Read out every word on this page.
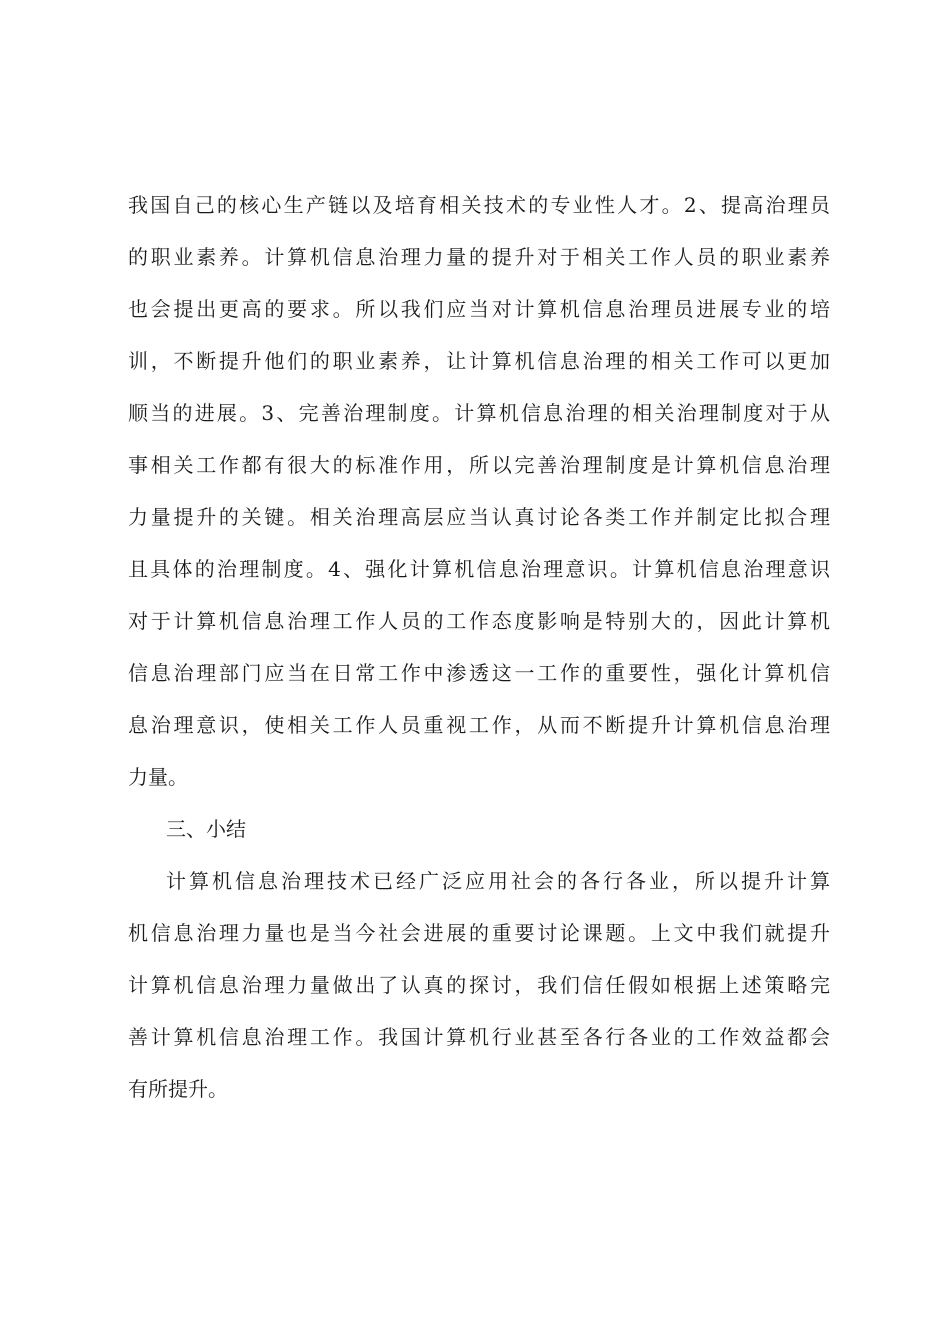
我国自己的核心生产链以及培育相关技术的专业性人才。2、提高治理员
的职业素养。计算机信息治理力量的提升对于相关工作人员的职业素养
也会提出更高的要求。所以我们应当对计算机信息治理员进展专业的培
训，不断提升他们的职业素养，让计算机信息治理的相关工作可以更加
顺当的进展。3、完善治理制度。计算机信息治理的相关治理制度对于从
事相关工作都有很大的标准作用，所以完善治理制度是计算机信息治理
力量提升的关键。相关治理高层应当认真讨论各类工作并制定比拟合理
且具体的治理制度。4、强化计算机信息治理意识。计算机信息治理意识
对于计算机信息治理工作人员的工作态度影响是特别大的，因此计算机
信息治理部门应当在日常工作中渗透这一工作的重要性，强化计算机信
息治理意识，使相关工作人员重视工作，从而不断提升计算机信息治理
力量。
三、小结
计算机信息治理技术已经广泛应用社会的各行各业，所以提升计算
机信息治理力量也是当今社会进展的重要讨论课题。上文中我们就提升
计算机信息治理力量做出了认真的探讨，我们信任假如根据上述策略完
善计算机信息治理工作。我国计算机行业甚至各行各业的工作效益都会
有所提升。
